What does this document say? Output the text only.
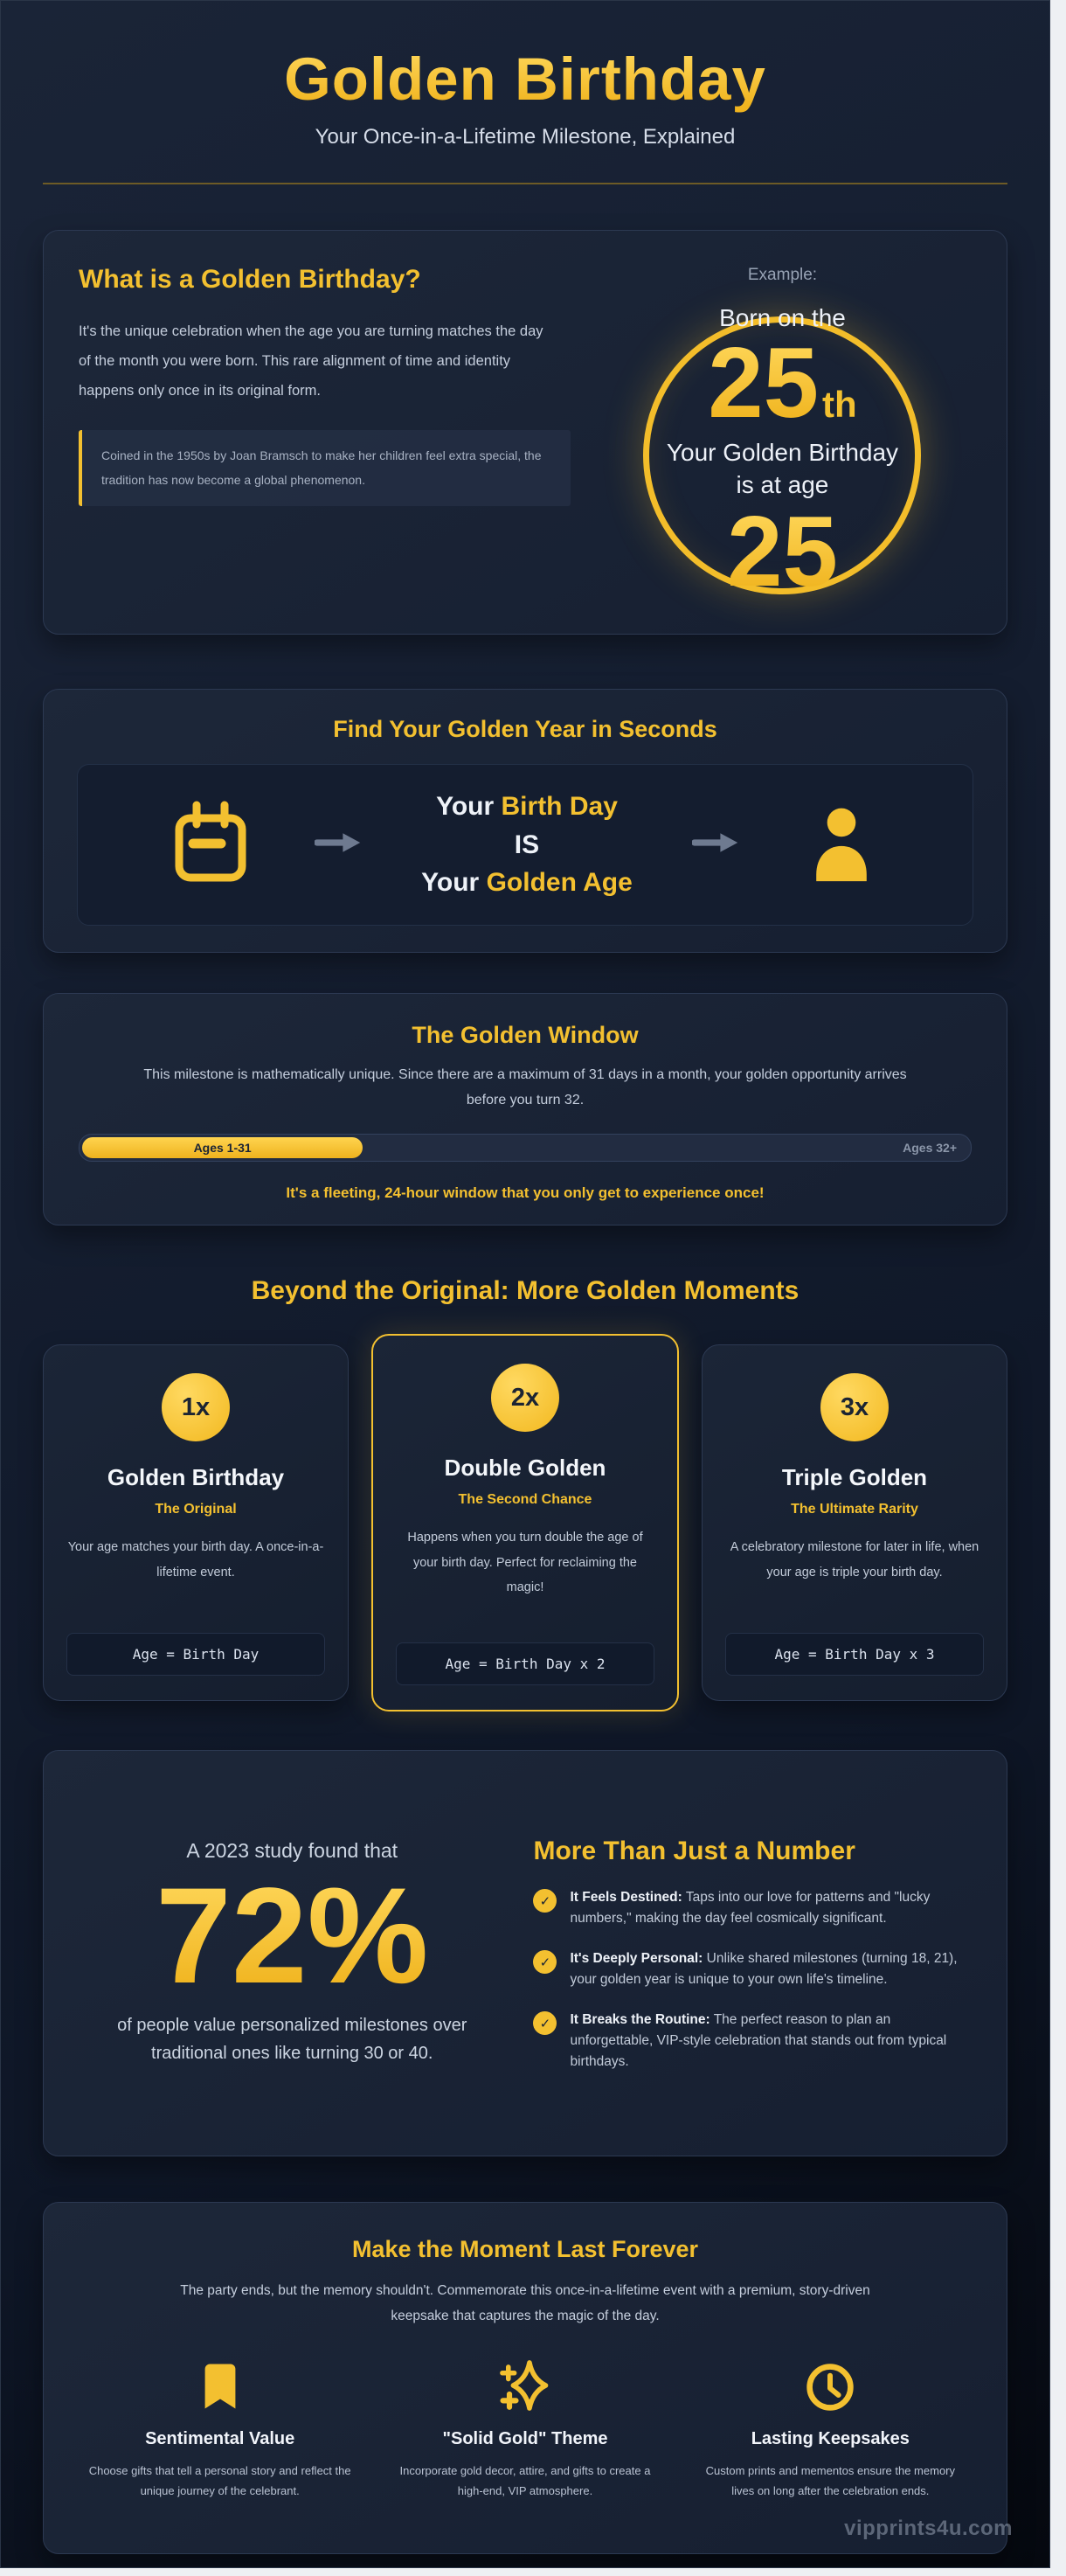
Golden Birthday
Your Once-in-a-Lifetime Milestone, Explained
What is a Golden Birthday?
It's the unique celebration when the age you are turning matches the day of the month you were born. This rare alignment of time and identity happens only once in its original form.
Coined in the 1950s by Joan Bramsch to make her children feel extra special, the tradition has now become a global phenomenon.
Example:
Born on the
25 th
Your Golden Birthday is at age
25
Find Your Golden Year in Seconds
Your Birth Day
IS
Your Golden Age
The Golden Window
This milestone is mathematically unique. Since there are a maximum of 31 days in a month, your golden opportunity arrives before you turn 32.
Ages 1-31	Ages 32+
It's a fleeting, 24-hour window that you only get to experience once!
Beyond the Original: More Golden Moments
1x
Golden Birthday
The Original
Your age matches your birth day. A once-in-a-lifetime event.
Age = Birth Day
2x
Double Golden
The Second Chance
Happens when you turn double the age of your birth day. Perfect for reclaiming the magic!
Age = Birth Day x 2
3x
Triple Golden
The Ultimate Rarity
A celebratory milestone for later in life, when your age is triple your birth day.
Age = Birth Day x 3
A 2023 study found that
72%
of people value personalized milestones over traditional ones like turning 30 or 40.
More Than Just a Number
✓	It Feels Destined: Taps into our love for patterns and "lucky numbers," making the day feel cosmically significant.
✓	It's Deeply Personal: Unlike shared milestones (turning 18, 21), your golden year is unique to your own life's timeline.
✓	It Breaks the Routine: The perfect reason to plan an unforgettable, VIP-style celebration that stands out from typical birthdays.
Make the Moment Last Forever
The party ends, but the memory shouldn't. Commemorate this once-in-a-lifetime event with a premium, story-driven keepsake that captures the magic of the day.
Sentimental Value
Choose gifts that tell a personal story and reflect the unique journey of the celebrant.
"Solid Gold" Theme
Incorporate gold decor, attire, and gifts to create a high-end, VIP atmosphere.
Lasting Keepsakes
Custom prints and mementos ensure the memory lives on long after the celebration ends.
vipprints4u.com
